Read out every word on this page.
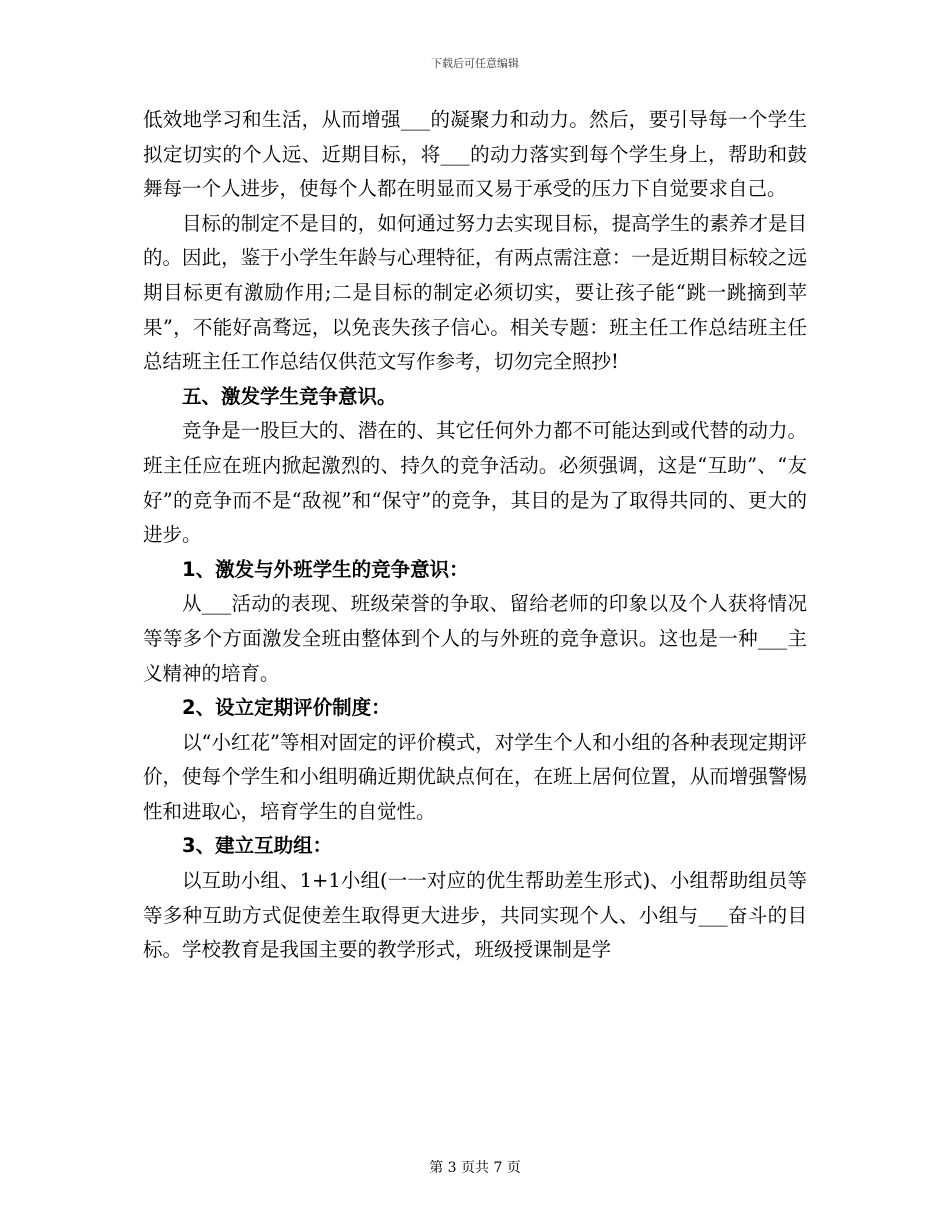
下载后可任意编辑

低效地学习和生活，从而增强___的凝聚力和动力。然后，要引导每一个学生拟定切实的个人远、近期目标，将___的动力落实到每个学生身上，帮助和鼓舞每一个人进步，使每个人都在明显而又易于承受的压力下自觉要求自己。

目标的制定不是目的，如何通过努力去实现目标，提高学生的素养才是目的。因此，鉴于小学生年龄与心理特征，有两点需注意：一是近期目标较之远期目标更有激励作用;二是目标的制定必须切实，要让孩子能“跳一跳摘到苹果”，不能好高骛远，以免丧失孩子信心。相关专题：班主任工作总结班主任总结班主任工作总结仅供范文写作参考，切勿完全照抄!

五、激发学生竞争意识。

竞争是一股巨大的、潜在的、其它任何外力都不可能达到或代替的动力。班主任应在班内掀起激烈的、持久的竞争活动。必须强调，这是“互助”、“友好”的竞争而不是“敌视”和“保守”的竞争，其目的是为了取得共同的、更大的进步。

1、激发与外班学生的竞争意识：

从___活动的表现、班级荣誉的争取、留给老师的印象以及个人获将情况等等多个方面激发全班由整体到个人的与外班的竞争意识。这也是一种___主义精神的培育。

2、设立定期评价制度：

以“小红花”等相对固定的评价模式，对学生个人和小组的各种表现定期评价，使每个学生和小组明确近期优缺点何在，在班上居何位置，从而增强警惕性和进取心，培育学生的自觉性。

3、建立互助组：

以互助小组、1+1小组(一一对应的优生帮助差生形式)、小组帮助组员等等多种互助方式促使差生取得更大进步，共同实现个人、小组与___奋斗的目标。学校教育是我国主要的教学形式，班级授课制是学

第 3 页共 7 页
